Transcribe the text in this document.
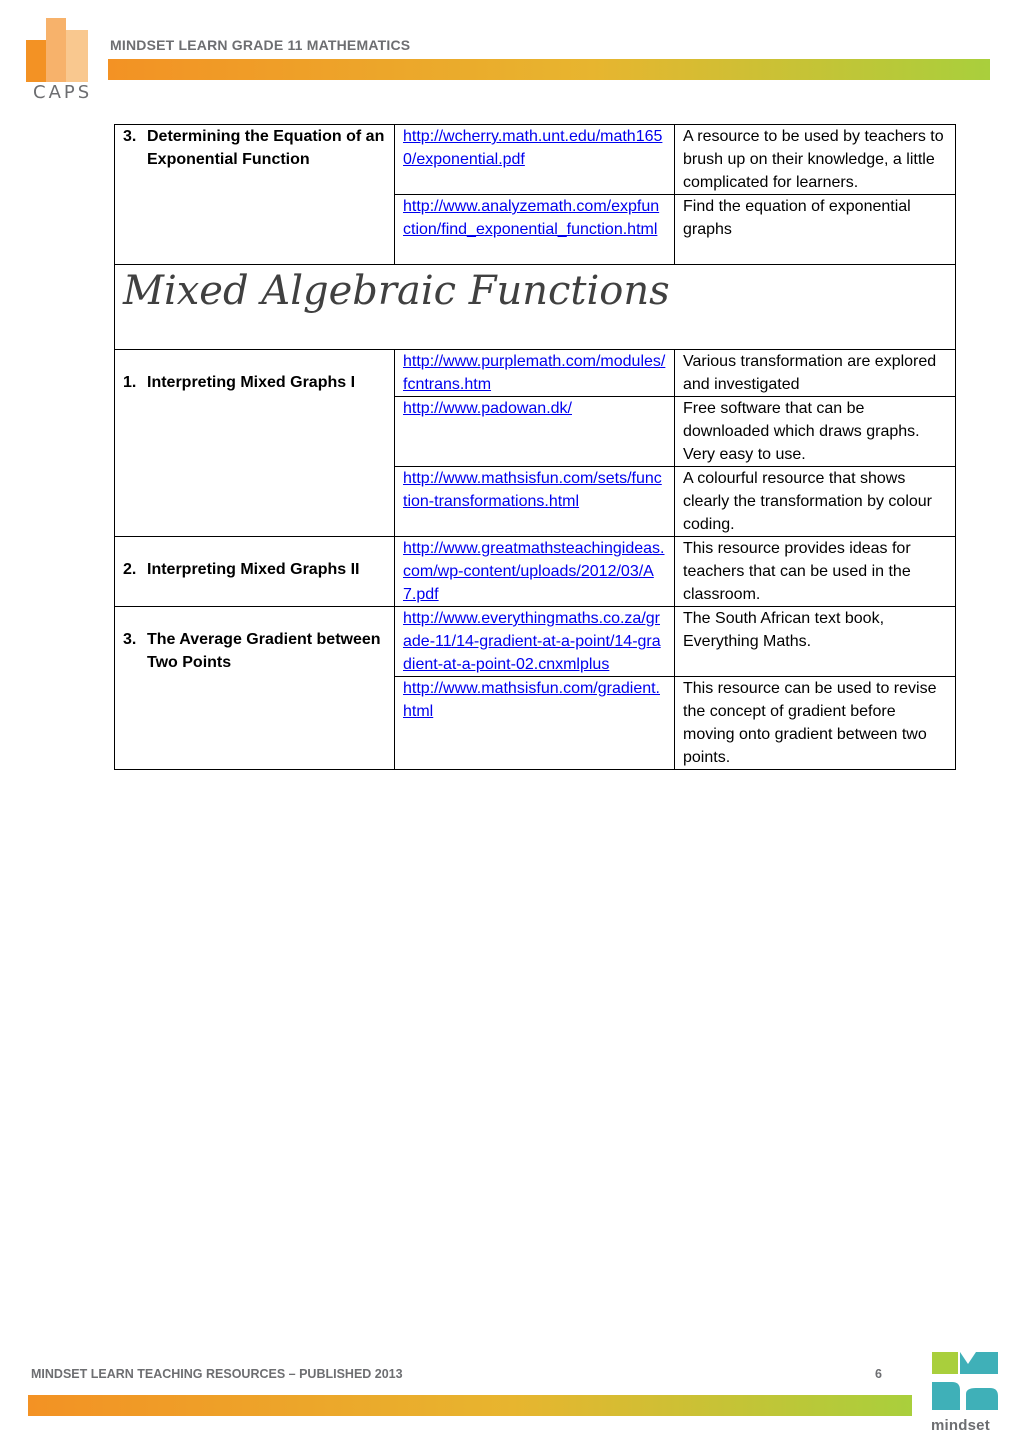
CAPS
MINDSET LEARN GRADE 11 MATHEMATICS
3. Determining the Equation of an Exponential Function	http://wcherry.math.unt.edu/math1650/exponential.pdf	A resource to be used by teachers to brush up on their knowledge, a little complicated for learners.
	http://www.analyzemath.com/expfunction/find_exponential_function.html	Find the equation of exponential graphs

Mixed Algebraic Functions		

1. Interpreting Mixed Graphs I	http://www.purplemath.com/modules/fcntrans.htm	Various transformation are explored and investigated
	http://www.padowan.dk/	Free software that can be downloaded which draws graphs. Very easy to use.
	http://www.mathsisfun.com/sets/function-transformations.html	A colourful resource that shows clearly the transformation by colour coding.

2. Interpreting Mixed Graphs II	http://www.greatmathsteachingideas.com/wp-content/uploads/2012/03/A7.pdf	This resource provides ideas for teachers that can be used in the classroom.

3. The Average Gradient between Two Points	http://www.everythingmaths.co.za/grade-11/14-gradient-at-a-point/14-gradient-at-a-point-02.cnxmlplus	The South African text book, Everything Maths.
	http://www.mathsisfun.com/gradient.html	This resource can be used to revise the concept of gradient before moving onto gradient between two points.
MINDSET LEARN TEACHING RESOURCES – PUBLISHED 2013	6
mindset
